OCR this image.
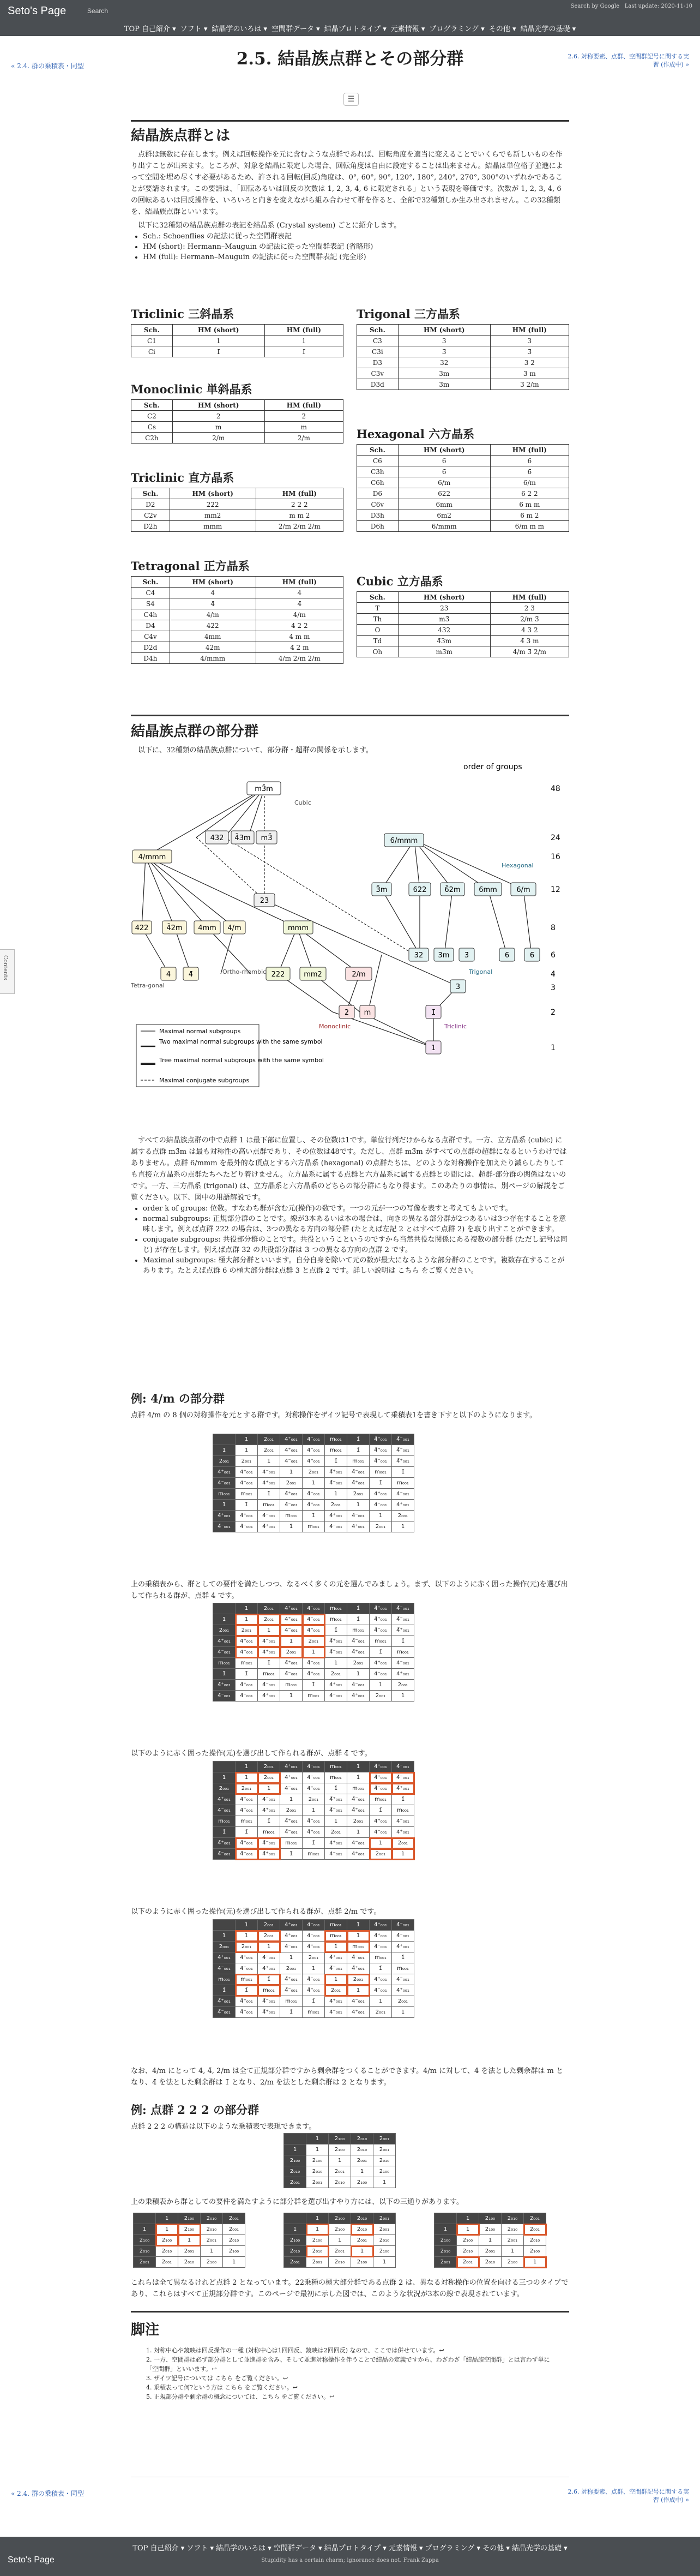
Seto's Page	Search
Search by Google Last update: 2020-11-10
TOP 自己紹介 ▾ ソフト ▾ 結晶学のいろは ▾ 空間群データ ▾ 結晶プロトタイプ ▾ 元素情報 ▾ プログラミング ▾ その他 ▾ 結晶光学の基礎 ▾
« 2.4. 群の乗積表・同型
2.6. 対称要素、点群、空間群記号に関する実習 (作成中) »
2.5. 結晶族点群とその部分群
☰
Contents
結晶族点群とは

点群は無数に存在します。例えば回転操作を元に含むような点群であれば、回転角度を適当に変えることでいくらでも新しいものを作り出すことが出来ます。ところが、対象を結晶に限定した場合、回転角度は自由に設定することは出来ません。結晶は単位格子並進によって空間を埋め尽くす必要があるため、許される回転(回反)角度は、0°, 60°, 90°, 120°, 180°, 240°, 270°, 300°のいずれかであることが要請されます。この要請は、「回転あるいは回反の次数は 1, 2, 3, 4, 6 に限定される」という表現を等価です。次数が 1, 2, 3, 4, 6 の回転あるいは回反操作を、いろいろと向きを変えながら組み合わせて群を作ると、全部で32種類しか生み出されません。この32種類を、結晶族点群といいます。

以下に32種類の結晶族点群の表記を結晶系 (Crystal system) ごとに紹介します。

• Sch.: Schoenflies の記法に従った空間群表記
• HM (short): Hermann–Mauguin の記法に従った空間群表記 (省略形)
• HM (full): Hermann–Mauguin の記法に従った空間群表記 (完全形)
Triclinic 三斜晶系
Sch.	HM (short)	HM (full)
C1	1	1
Ci	1̄	1̄
Monoclinic 単斜晶系
Sch.	HM (short)	HM (full)
C2	2	2
Cs	m	m
C2h	2/m	2/m
Triclinic 直方晶系
Sch.	HM (short)	HM (full)
D2	222	2 2 2
C2v	mm2	m m 2
D2h	mmm	2/m 2/m 2/m
Tetragonal 正方晶系
Sch.	HM (short)	HM (full)
C4	4	4
S4	4̄	4̄
C4h	4/m	4/m
D4	422	4 2 2
C4v	4mm	4 m m
D2d	4̄2m	4̄ 2 m
D4h	4/mmm	4/m 2/m 2/m
Trigonal 三方晶系
Sch.	HM (short)	HM (full)
C3	3	3
C3i	3̄	3̄
D3	32	3 2
C3v	3m	3 m
D3d	3̄m	3̄ 2/m
Hexagonal 六方晶系
Sch.	HM (short)	HM (full)
C6	6	6
C3h	6̄	6̄
C6h	6/m	6/m
D6	622	6 2 2
C6v	6mm	6 m m
D3h	6̄m2	6̄ m 2
D6h	6/mmm	6/m m m
Cubic 立方晶系
Sch.	HM (short)	HM (full)
T	23	2 3
Th	m3̄	2/m 3̄
O	432	4 3 2
Td	4̄3m	4̄ 3 m
Oh	m3̄m	4/m 3̄ 2/m
結晶族点群の部分群

以下に、32種類の結晶族点群について、部分群・超群の関係を示します。

m3̄m
Cubic
432 4̄3m m3̄
4/mmm
23
6/mmm
Hexagonal
3̄m	622	6̄2m	6mm	6/m
422	4̄2m 4mm 4/m	mmm
32 3m 3̄	6	6̄
4	4̄	Ortho-rhombic 222	mm2	2/m
Tetra-gonal	3
Trigonal
2 m	1̄
Monoclinic
1
Triclinic
order of groups
48
24
16
12
8
6
4
3
2
1
Maximal normal subgroups
Two maximal normal subgroups with the same symbol
Tree maximal normal subgroups with the same symbol
Maximal conjugate subgroups

すべての結晶族点群の中で点群 1 は最下部に位置し、その位数は1です。単位行列だけからなる点群です。一方、立方晶系 (cubic) に属する点群 m3̄m は最も対称性の高い点群であり、その位数は48です。ただし、点群 m3̄m がすべての点群の超群になるというわけではありません。点群 6/mmm を最外的な頂点とする六方晶系 (hexagonal) の点群たちは、どのような対称操作を加えたり減らしたりしても直接立方晶系の点群たちへたどり着けません。立方晶系に属する点群と六方晶系に属する点群との間には、超群-部分群の関係はないのです。一方、三方晶系 (trigonal) は、立方晶系と六方晶系のどちらの部分群にもなり得ます。このあたりの事情は、別ページの解説をご覧ください。以下、図中の用語解説です。

• order k of groups: 位数。すなわち群が含む元(操作)の数です。一つの元が一つの写像を表すと考えてもよいです。
• normal subgroups: 正規部分群のことです。線が3本あるいは本の場合は、向きの異なる部分群が2つあるいは3つ存在することを意味します。例えば点群 222 の場合は、3つの異なる方向の部分群 (たとえば左記 2 とはすべて点群 2) を取り出すことができます。
• conjugate subgroups: 共役部分群のことです。共役というこというのですから当然共役な関係にある複数の部分群 (ただし記号は同じ) が存在します。例えば点群 32 の共役部分群は 3 つの異なる方向の点群 2 です。
• Maximal subgroups: 極大部分群といいます。自分自身を除いて元の数が最大になるような部分群のことです。複数存在することがあります。たとえば点群 6 の極大部分群は点群 3 と点群 2 です。詳しい説明は こちら をご覧ください。
例: 4/m の部分群

点群 4/m の 8 個の対称操作を元とする群です。対称操作をザイツ記号で表現して乗積表1を書き下すと以下のようになります。

	1	2₀₀₁	4⁺₀₀₁	4⁻₀₀₁	m₀₀₁	1̄	4̄⁺₀₀₁	4̄⁻₀₀₁
1	1	2₀₀₁	4⁺₀₀₁	4⁻₀₀₁	m₀₀₁	1̄	4̄⁺₀₀₁	4̄⁻₀₀₁
2₀₀₁	2₀₀₁	1	4⁻₀₀₁	4⁺₀₀₁	1̄	m₀₀₁	4̄⁻₀₀₁	4̄⁺₀₀₁
4⁺₀₀₁	4⁺₀₀₁	4⁻₀₀₁	1	2₀₀₁	4̄⁺₀₀₁	4̄⁻₀₀₁	m₀₀₁	1̄
4⁻₀₀₁	4⁻₀₀₁	4⁺₀₀₁	2₀₀₁	1	4̄⁻₀₀₁	4̄⁺₀₀₁	1̄	m₀₀₁
m₀₀₁	m₀₀₁	1̄	4̄⁺₀₀₁	4̄⁻₀₀₁	1	2₀₀₁	4⁺₀₀₁	4⁻₀₀₁
1̄	1̄	m₀₀₁	4̄⁻₀₀₁	4̄⁺₀₀₁	2₀₀₁	1	4⁻₀₀₁	4⁺₀₀₁
4̄⁺₀₀₁	4̄⁺₀₀₁	4̄⁻₀₀₁	m₀₀₁	1̄	4⁺₀₀₁	4⁻₀₀₁	1	2₀₀₁
4̄⁻₀₀₁	4̄⁻₀₀₁	4̄⁺₀₀₁	1̄	m₀₀₁	4⁻₀₀₁	4⁺₀₀₁	2₀₀₁	1

上の乗積表から、群としての要件を満たしつつ、なるべく多くの元を選んでみましょう。まず、以下のように赤く囲った操作(元)を選び出して作られる群が、点群 4 です。

	1	2₀₀₁	4⁺₀₀₁	4⁻₀₀₁	m₀₀₁	1̄	4̄⁺₀₀₁	4̄⁻₀₀₁
1	1	2₀₀₁	4⁺₀₀₁	4⁻₀₀₁	m₀₀₁	1̄	4̄⁺₀₀₁	4̄⁻₀₀₁
2₀₀₁	2₀₀₁	1	4⁻₀₀₁	4⁺₀₀₁	1̄	m₀₀₁	4̄⁻₀₀₁	4̄⁺₀₀₁
4⁺₀₀₁	4⁺₀₀₁	4⁻₀₀₁	1	2₀₀₁	4̄⁺₀₀₁	4̄⁻₀₀₁	m₀₀₁	1̄
4⁻₀₀₁	4⁻₀₀₁	4⁺₀₀₁	2₀₀₁	1	4̄⁻₀₀₁	4̄⁺₀₀₁	1̄	m₀₀₁
m₀₀₁	m₀₀₁	1̄	4̄⁺₀₀₁	4̄⁻₀₀₁	1	2₀₀₁	4⁺₀₀₁	4⁻₀₀₁
1̄	1̄	m₀₀₁	4̄⁻₀₀₁	4̄⁺₀₀₁	2₀₀₁	1	4⁻₀₀₁	4⁺₀₀₁
4̄⁺₀₀₁	4̄⁺₀₀₁	4̄⁻₀₀₁	m₀₀₁	1̄	4⁺₀₀₁	4⁻₀₀₁	1	2₀₀₁
4̄⁻₀₀₁	4̄⁻₀₀₁	4̄⁺₀₀₁	1̄	m₀₀₁	4⁻₀₀₁	4⁺₀₀₁	2₀₀₁	1

以下のように赤く囲った操作(元)を選び出して作られる群が、点群 4̄ です。

	1	2₀₀₁	4⁺₀₀₁	4⁻₀₀₁	m₀₀₁	1̄	4̄⁺₀₀₁	4̄⁻₀₀₁
1	1	2₀₀₁	4⁺₀₀₁	4⁻₀₀₁	m₀₀₁	1̄	4̄⁺₀₀₁	4̄⁻₀₀₁
2₀₀₁	2₀₀₁	1	4⁻₀₀₁	4⁺₀₀₁	1̄	m₀₀₁	4̄⁻₀₀₁	4̄⁺₀₀₁
4⁺₀₀₁	4⁺₀₀₁	4⁻₀₀₁	1	2₀₀₁	4̄⁺₀₀₁	4̄⁻₀₀₁	m₀₀₁	1̄
4⁻₀₀₁	4⁻₀₀₁	4⁺₀₀₁	2₀₀₁	1	4̄⁻₀₀₁	4̄⁺₀₀₁	1̄	m₀₀₁
m₀₀₁	m₀₀₁	1̄	4̄⁺₀₀₁	4̄⁻₀₀₁	1	2₀₀₁	4⁺₀₀₁	4⁻₀₀₁
1̄	1̄	m₀₀₁	4̄⁻₀₀₁	4̄⁺₀₀₁	2₀₀₁	1	4⁻₀₀₁	4⁺₀₀₁
4̄⁺₀₀₁	4̄⁺₀₀₁	4̄⁻₀₀₁	m₀₀₁	1̄	4⁺₀₀₁	4⁻₀₀₁	1	2₀₀₁
4̄⁻₀₀₁	4̄⁻₀₀₁	4̄⁺₀₀₁	1̄	m₀₀₁	4⁻₀₀₁	4⁺₀₀₁	2₀₀₁	1

以下のように赤く囲った操作(元)を選び出して作られる群が、点群 2/m です。

	1	2₀₀₁	4⁺₀₀₁	4⁻₀₀₁	m₀₀₁	1̄	4̄⁺₀₀₁	4̄⁻₀₀₁
1	1	2₀₀₁	4⁺₀₀₁	4⁻₀₀₁	m₀₀₁	1̄	4̄⁺₀₀₁	4̄⁻₀₀₁
2₀₀₁	2₀₀₁	1	4⁻₀₀₁	4⁺₀₀₁	1̄	m₀₀₁	4̄⁻₀₀₁	4̄⁺₀₀₁
4⁺₀₀₁	4⁺₀₀₁	4⁻₀₀₁	1	2₀₀₁	4̄⁺₀₀₁	4̄⁻₀₀₁	m₀₀₁	1̄
4⁻₀₀₁	4⁻₀₀₁	4⁺₀₀₁	2₀₀₁	1	4̄⁻₀₀₁	4̄⁺₀₀₁	1̄	m₀₀₁
m₀₀₁	m₀₀₁	1̄	4̄⁺₀₀₁	4̄⁻₀₀₁	1	2₀₀₁	4⁺₀₀₁	4⁻₀₀₁
1̄	1̄	m₀₀₁	4̄⁻₀₀₁	4̄⁺₀₀₁	2₀₀₁	1	4⁻₀₀₁	4⁺₀₀₁
4̄⁺₀₀₁	4̄⁺₀₀₁	4̄⁻₀₀₁	m₀₀₁	1̄	4⁺₀₀₁	4⁻₀₀₁	1	2₀₀₁
4̄⁻₀₀₁	4̄⁻₀₀₁	4̄⁺₀₀₁	1̄	m₀₀₁	4⁻₀₀₁	4⁺₀₀₁	2₀₀₁	1

なお、4/m にとって 4, 4̄, 2/m は全て正規部分群ですから剰余群をつくることができます。4/m に対して、4 を法とした剰余群は m となり、4̄ を法とした剰余群は 1̄ となり、2/m を法とした剰余群は 2 となります。

例: 点群 2 2 2 の部分群

点群 2 2 2 の構造は以下のような乗積表で表現できます。

	1	2₁₀₀	2₀₁₀	2₀₀₁
1	1	2₁₀₀	2₀₁₀	2₀₀₁
2₁₀₀	2₁₀₀	1	2₀₀₁	2₀₁₀
2₀₁₀	2₀₁₀	2₀₀₁	1	2₁₀₀
2₀₀₁	2₀₀₁	2₀₁₀	2₁₀₀	1

上の乗積表から群としての要件を満たすように部分群を選び出すやり方には、以下の三通りがあります。

	1	2₁₀₀	2₀₁₀	2₀₀₁
1	1	2₁₀₀	2₀₁₀	2₀₀₁
2₁₀₀	2₁₀₀	1	2₀₀₁	2₀₁₀
2₀₁₀	2₀₁₀	2₀₀₁	1	2₁₀₀
2₀₀₁	2₀₀₁	2₀₁₀	2₁₀₀	1
	1	2₁₀₀	2₀₁₀	2₀₀₁
1	1	2₁₀₀	2₀₁₀	2₀₀₁
2₁₀₀	2₁₀₀	1	2₀₀₁	2₀₁₀
2₀₁₀	2₀₁₀	2₀₀₁	1	2₁₀₀
2₀₀₁	2₀₀₁	2₀₁₀	2₁₀₀	1
	1	2₁₀₀	2₀₁₀	2₀₀₁
1	1	2₁₀₀	2₀₁₀	2₀₀₁
2₁₀₀	2₁₀₀	1	2₀₀₁	2₀₁₀
2₀₁₀	2₀₁₀	2₀₀₁	1	2₁₀₀
2₀₀₁	2₀₀₁	2₀₁₀	2₁₀₀	1

これらは全て異なるけれど点群 2 となっています。22乗種の極大部分群である点群 2 は、異なる対称操作の位置を向ける三つのタイプであり、これらはすべて正規部分群です。このページで最初に示した図では、このような状況が3本の線で表現されています。

脚注
1. 対称中心や鏡映は回反操作の一種 (対称中心は1回回反、鏡映は2回回反) なので、ここでは併せています。↩
2. 一方、空間群は必ず部分群として並進群を含み、そして並進対称操作を伴うことで結晶の定義ですから、わざわざ「結晶族空間群」とは言わず単に「空間群」といいます。↩
3. ザイツ記号については こちら をご覧ください。↩
4. 乗積表って何?という方は こちら をご覧ください。↩
5. 正規部分群や剰余群の概念については、こちら をご覧ください。↩
« 2.4. 群の乗積表・同型	2.6. 対称要素、点群、空間群記号に関する実習 (作成中) »
TOP 自己紹介 ▾ ソフト ▾ 結晶学のいろは ▾ 空間群データ ▾ 結晶プロトタイプ ▾ 元素情報 ▾ プログラミング ▾ その他 ▾ 結晶光学の基礎 ▾
Seto's Page	Stupidity has a certain charm; ignorance does not. Frank Zappa
